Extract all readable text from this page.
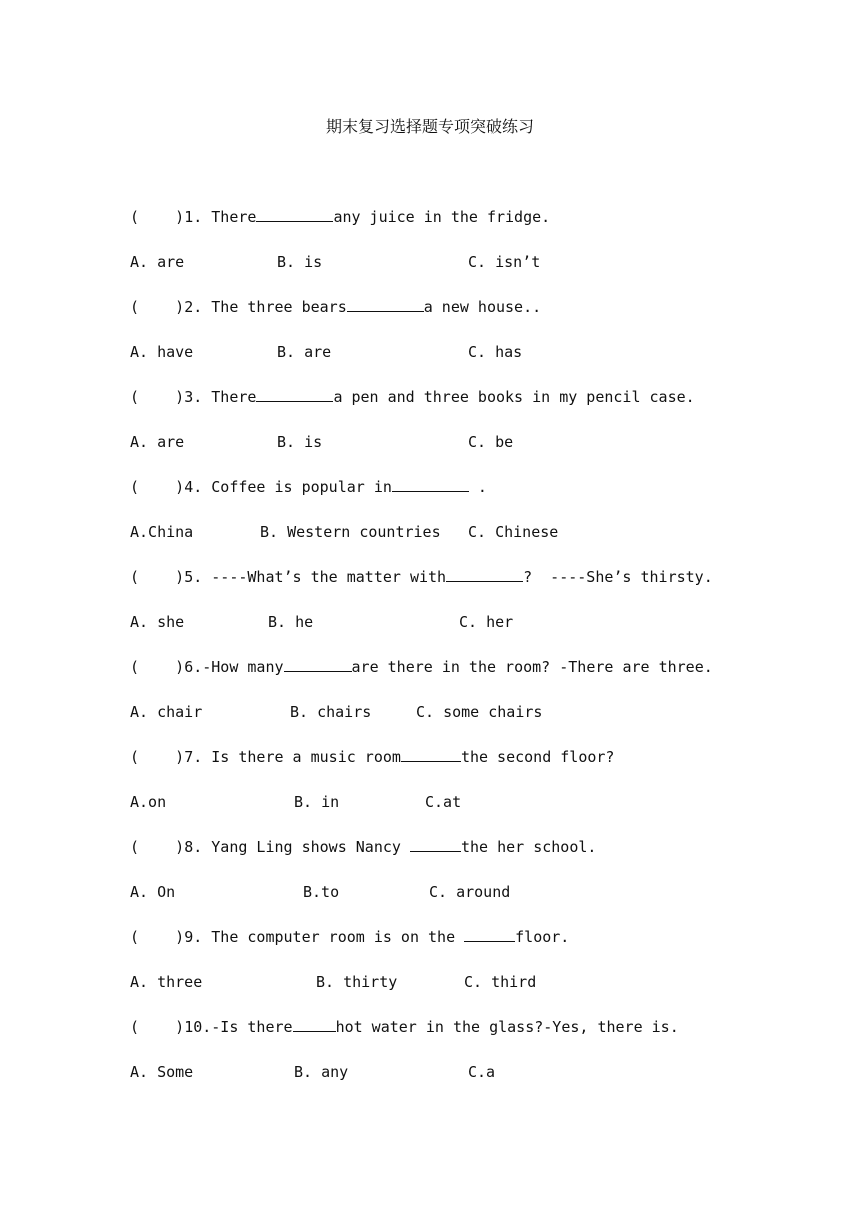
期末复习选择题专项突破练习
(    )1. There	any juice in the fridge.
A. are	B. is	C. isn’t
(    )2. The three bears	a new house..
A. have	B. are	C. has
(    )3. There	a pen and three books in my pencil case.
A. are	B. is	C. be
(    )4. Coffee is popular in	.
A.China	B. Western countries C. Chinese
(    )5. ----What’s the matter with	?  ----She’s thirsty.
A. she	B. he	C. her
(    )6.-How many	are there in the room? -There are three.
A. chair	B. chairs	C. some chairs
(    )7. Is there a music room	the second floor?
A.on	B. in	C.at
(    )8. Yang Ling shows Nancy	the her school.
A. On	B.to	C. around
(    )9. The computer room is on the	floor.
A. three	B. thirty	C. third
(    )10.-Is there	hot water in the glass?-Yes, there is.
A. Some	B. any	C.a
